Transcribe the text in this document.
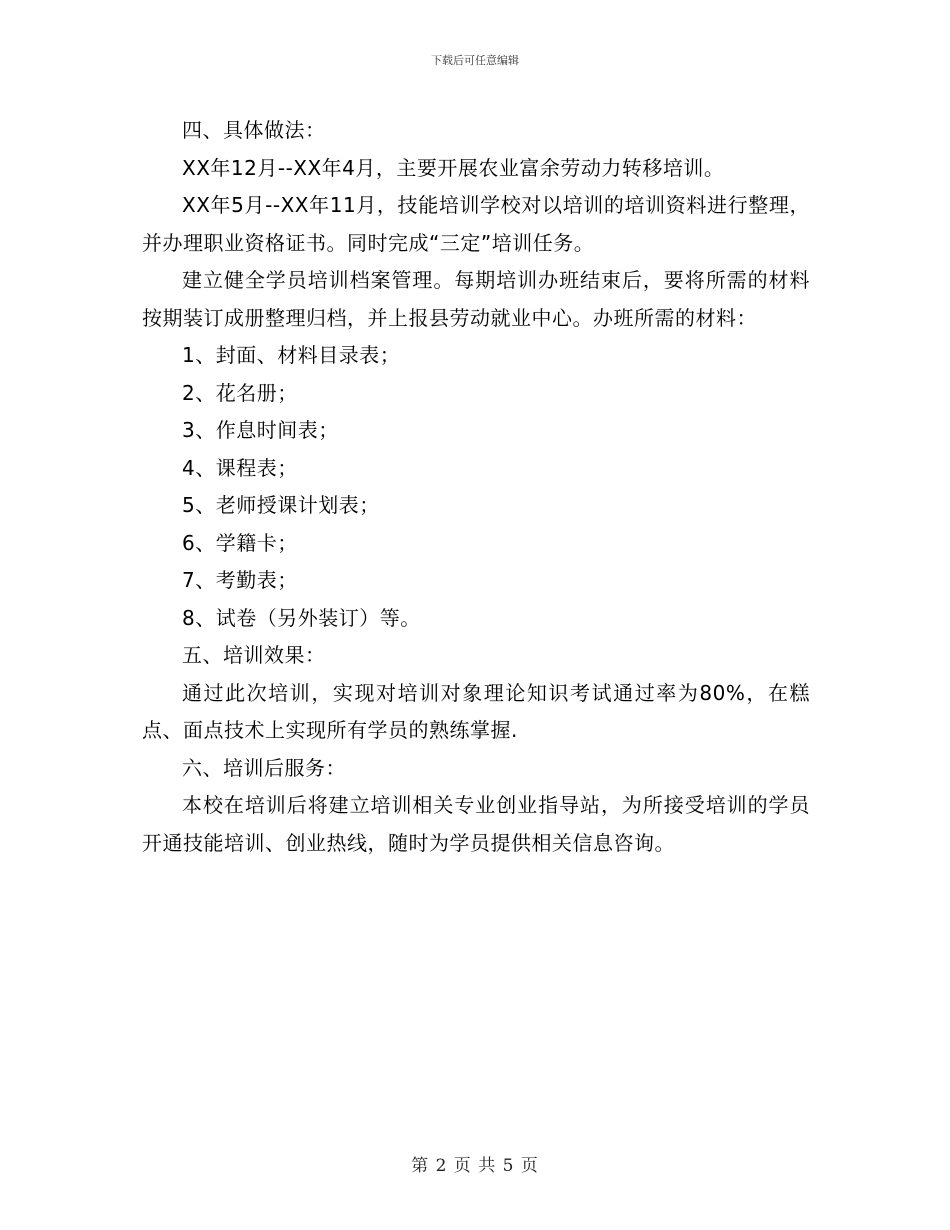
下载后可任意编辑

四、具体做法：

XX年12月--XX年4月，主要开展农业富余劳动力转移培训。

XX年5月--XX年11月，技能培训学校对以培训的培训资料进行整理，并办理职业资格证书。同时完成“三定”培训任务。

建立健全学员培训档案管理。每期培训办班结束后，要将所需的材料按期装订成册整理归档，并上报县劳动就业中心。办班所需的材料：

1、封面、材料目录表；

2、花名册；

3、作息时间表；

4、课程表；

5、老师授课计划表；

6、学籍卡；

7、考勤表；

8、试卷（另外装订）等。

五、培训效果：

通过此次培训，实现对培训对象理论知识考试通过率为80%，在糕点、面点技术上实现所有学员的熟练掌握.

六、培训后服务：

本校在培训后将建立培训相关专业创业指导站，为所接受培训的学员开通技能培训、创业热线，随时为学员提供相关信息咨询。

第 2 页 共 5 页
